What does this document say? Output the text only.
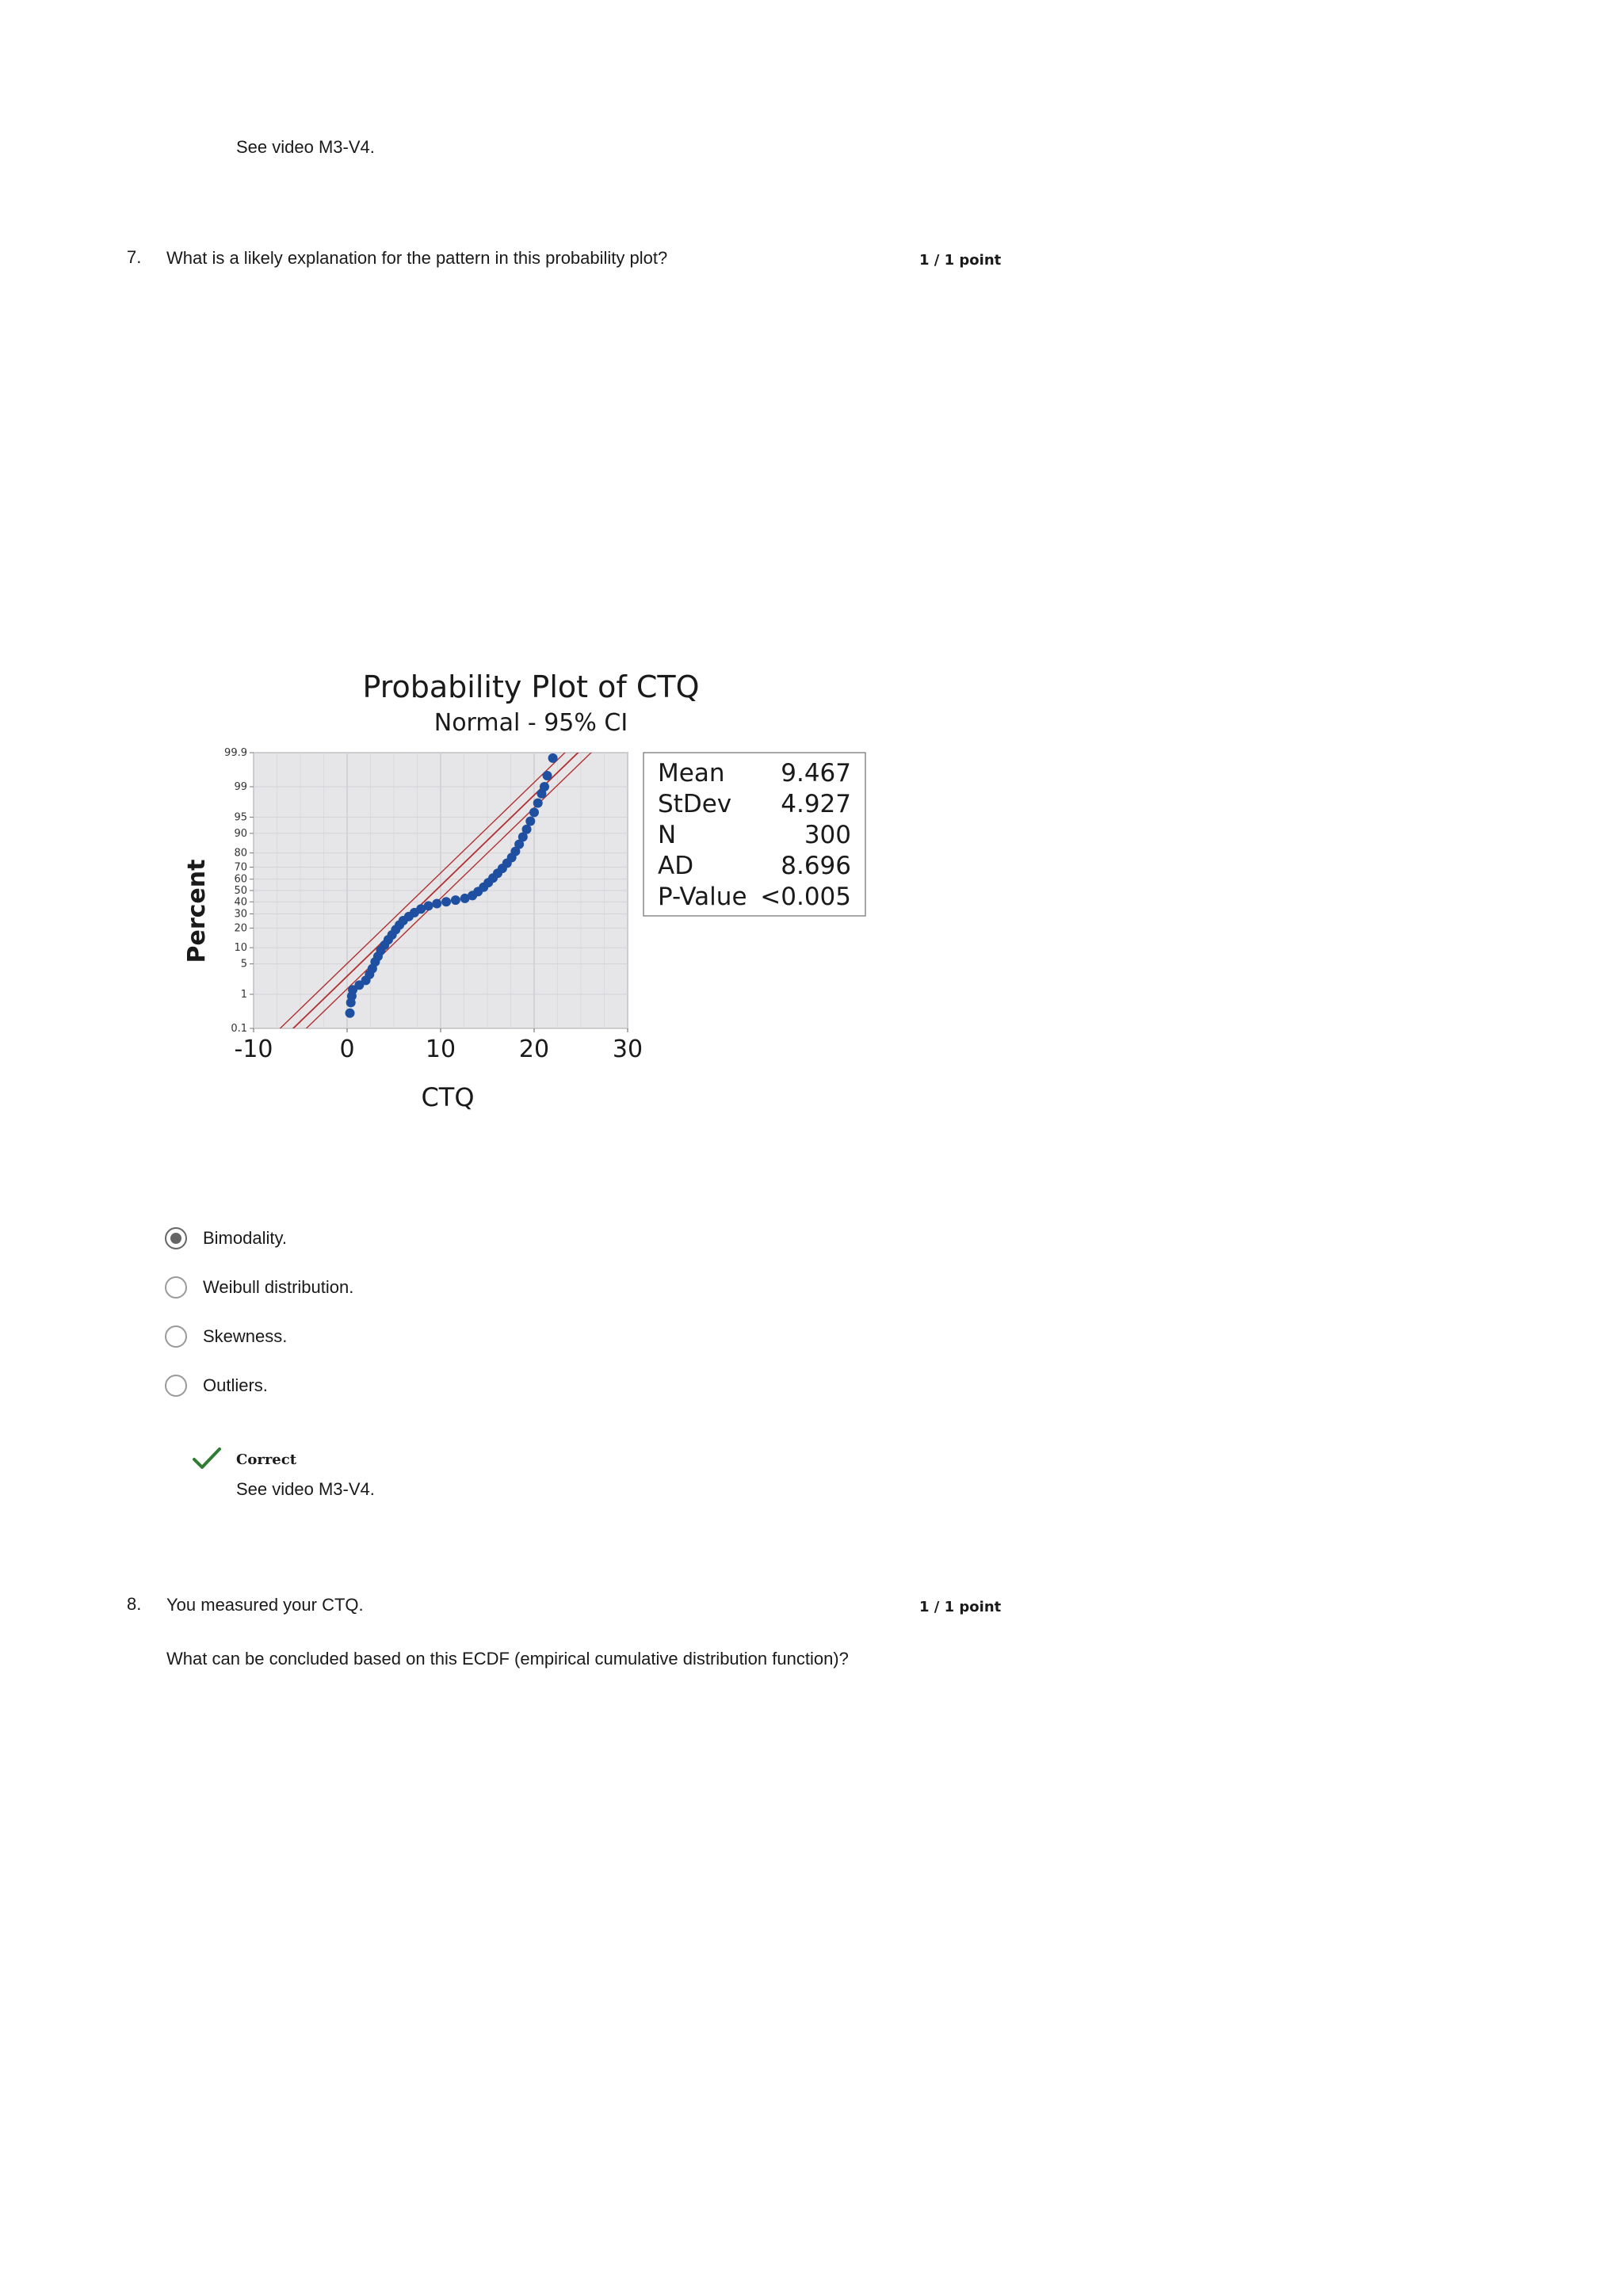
See video M3-V4.
7. What is a likely explanation for the pattern in this probability plot?	1 / 1 point
Probability Plot of CTQ
Normal - 95% CI
-10	0	10	20	30
0.1
1
5
10
20
30
40
50
60
70
80
90
95
99
99.9
CTQ
Percent
Mean 9.467
StDev 4.927
N	300
AD	8.696
P-Value <0.005
Bimodality.
Weibull distribution.
Skewness.
Outliers.
Correct
See video M3-V4.
8. You measured your CTQ.	1 / 1 point
What can be concluded based on this ECDF (empirical cumulative distribution function)?
